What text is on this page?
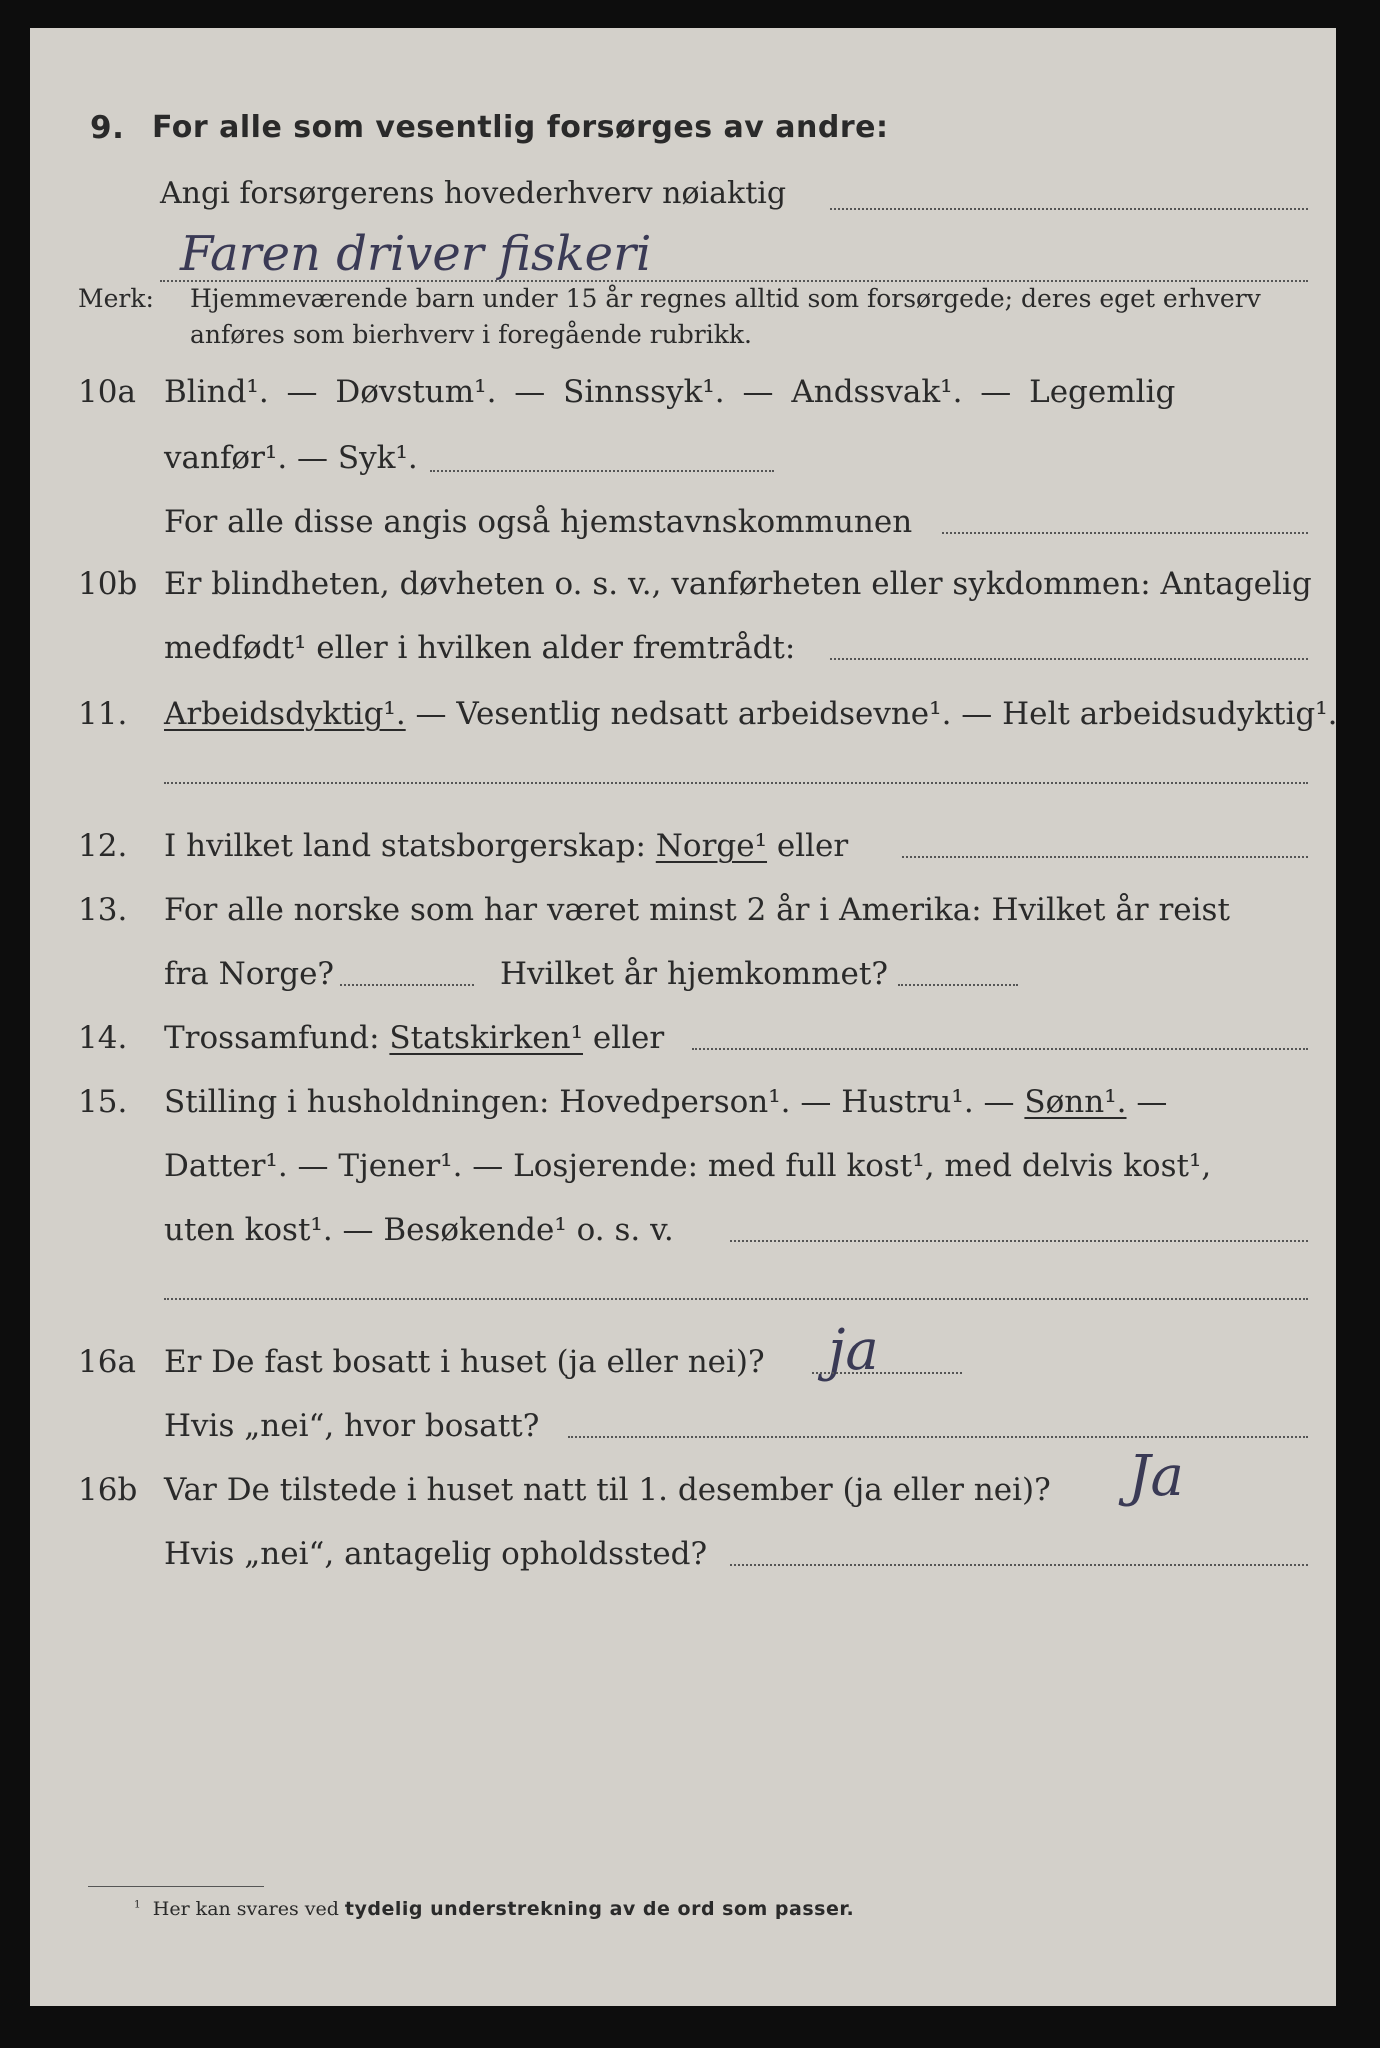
9. For alle som vesentlig forsørges av andre:
Angi forsørgerens hovederhverv nøiaktig
Faren driver fiskeri
Merk: Hjemmeværende barn under 15 år regnes alltid som forsørgede; deres eget erhverv
anføres som bierhverv i foregående rubrikk.
10a Blind¹. — Døvstum¹. — Sinnssyk¹. — Andssvak¹. — Legemlig
vanfør¹. — Syk¹.
For alle disse angis også hjemstavnskommunen
10b Er blindheten, døvheten o. s. v., vanførheten eller sykdommen: Antagelig
medfødt¹ eller i hvilken alder fremtrådt:
11. Arbeidsdyktig¹. — Vesentlig nedsatt arbeidsevne¹. — Helt arbeidsudyktig¹.
12. I hvilket land statsborgerskap: Norge¹ eller
13. For alle norske som har været minst 2 år i Amerika: Hvilket år reist
fra Norge?	Hvilket år hjemkommet?
14. Trossamfund: Statskirken¹ eller
15. Stilling i husholdningen: Hovedperson¹. — Hustru¹. — Sønn¹. —
Datter¹. — Tjener¹. — Losjerende: med full kost¹, med delvis kost¹,
uten kost¹. — Besøkende¹ o. s. v.
16a Er De fast bosatt i huset (ja eller nei)? ja
Hvis „nei“, hvor bosatt?
16b Var De tilstede i huset natt til 1. desember (ja eller nei)? Ja
Hvis „nei“, antagelig opholdssted?
$^1$ Her kan svares ved tydelig understrekning av de ord som passer.
